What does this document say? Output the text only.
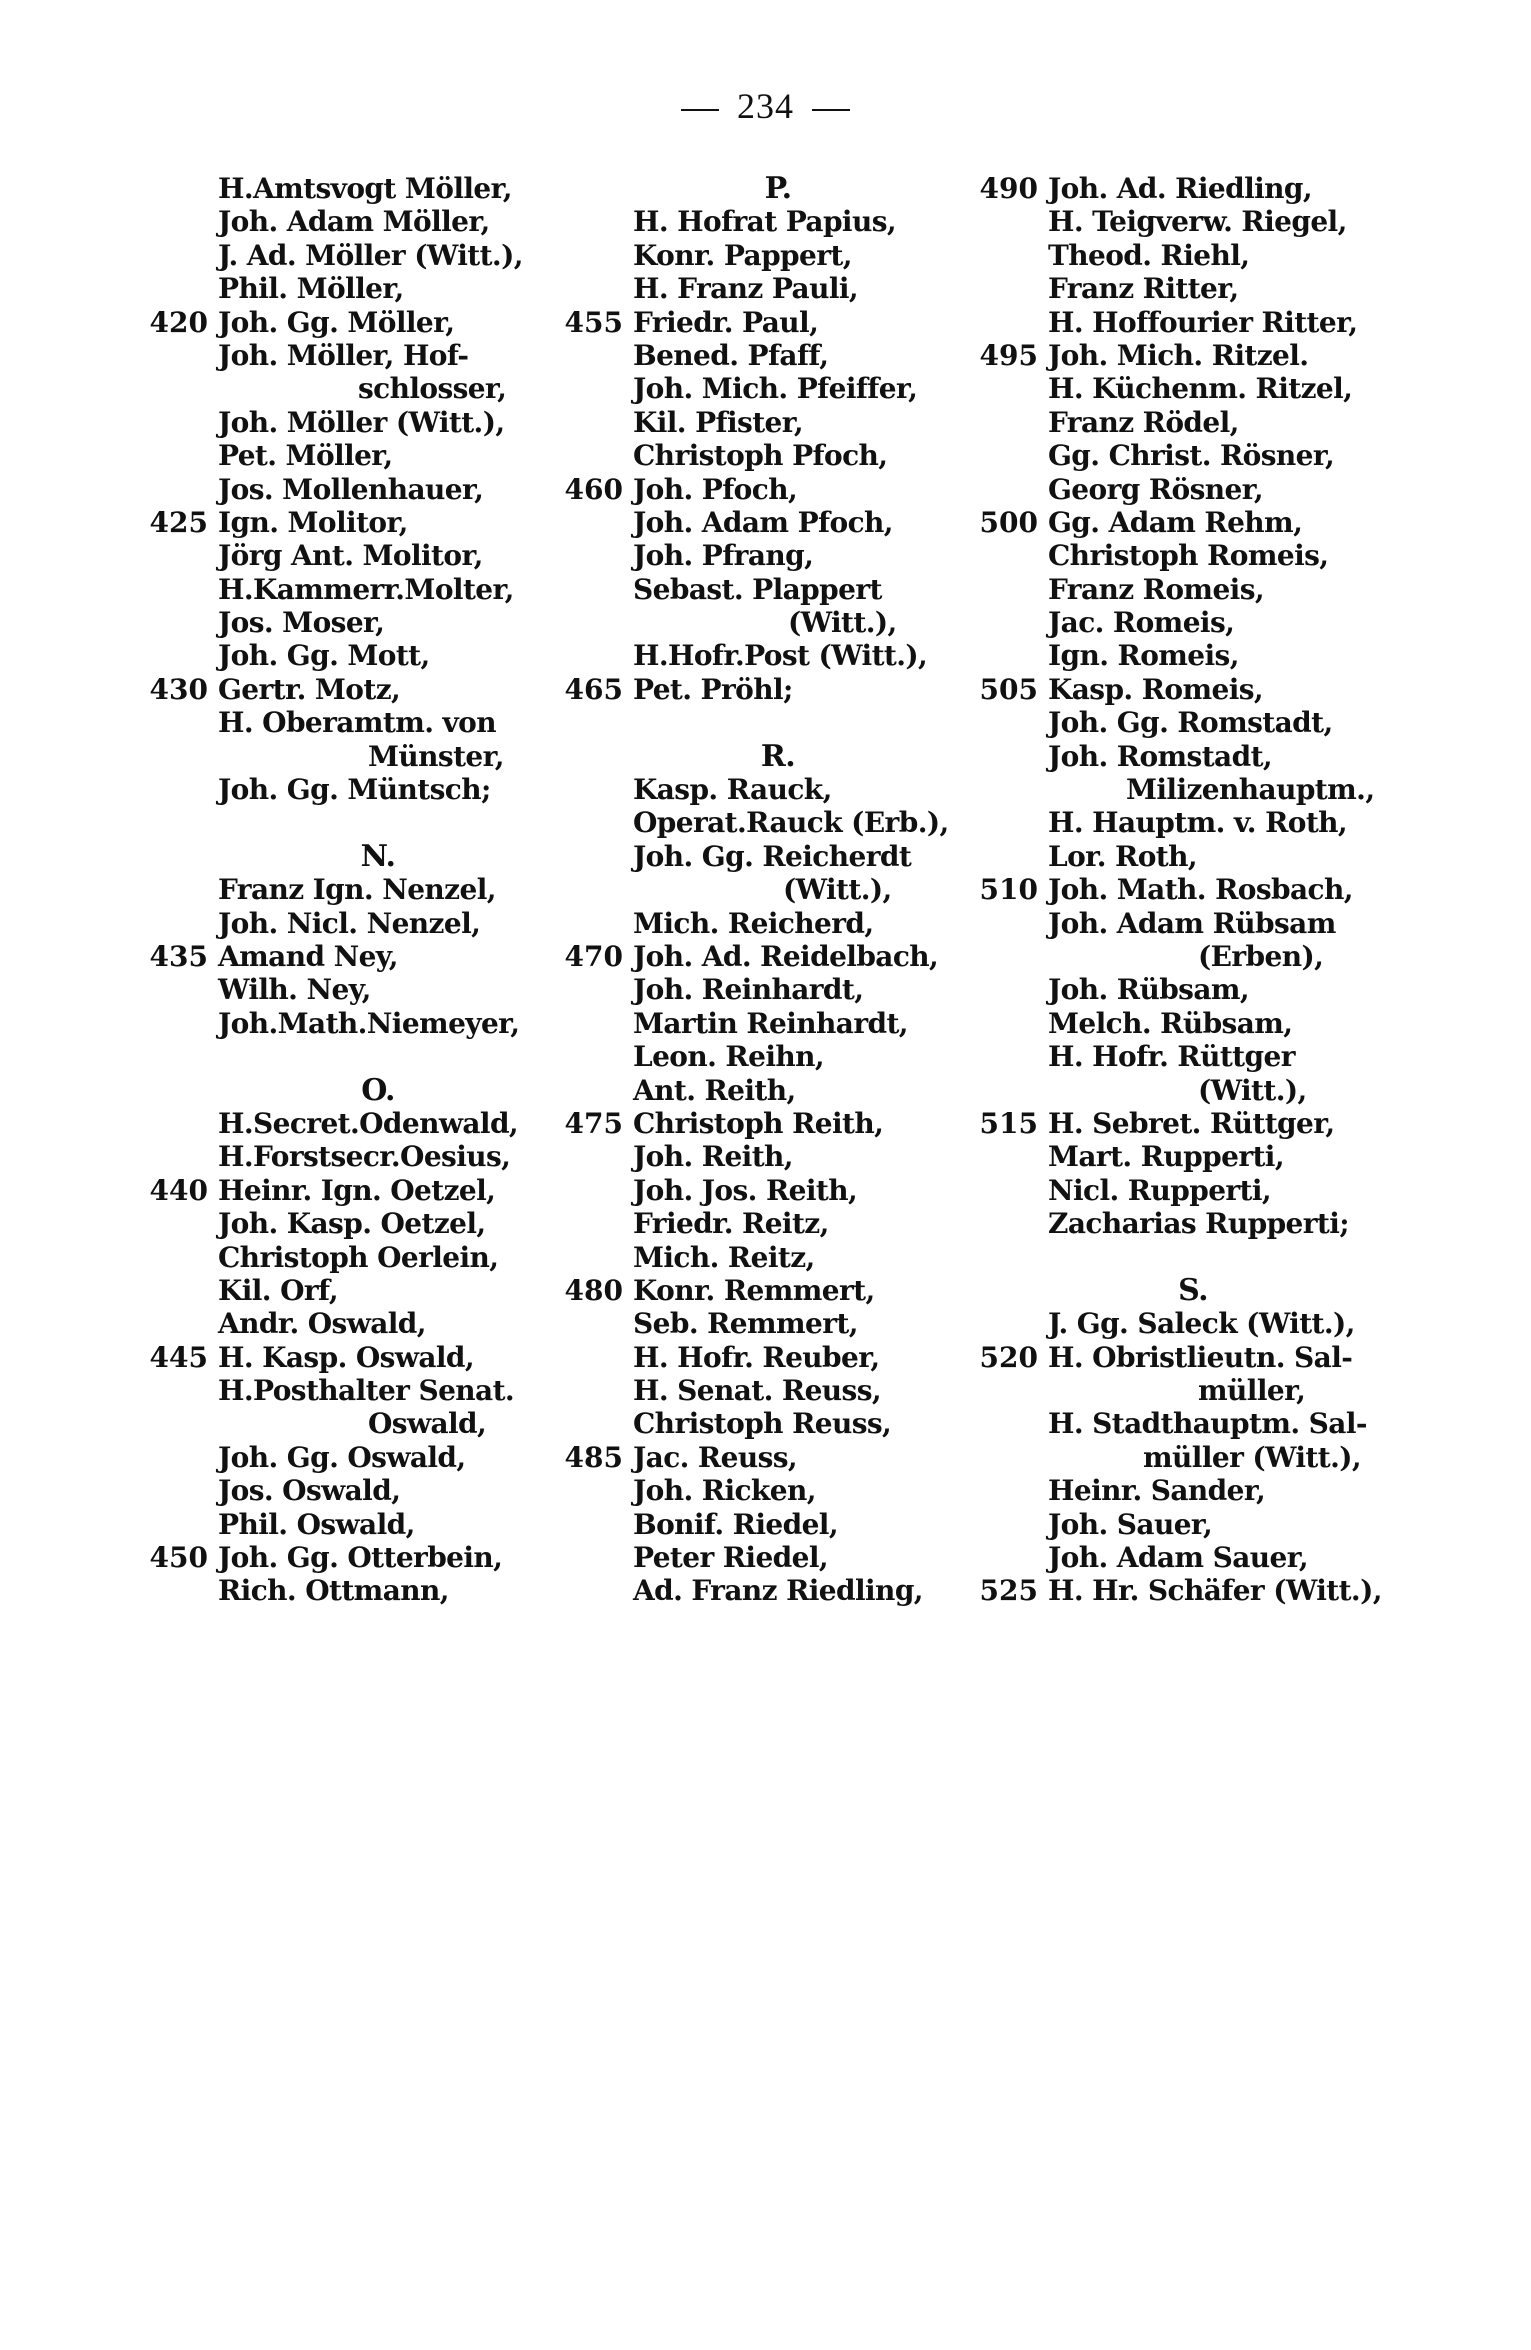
234
H.Amtsvogt Möller,
Joh. Adam Möller,
J. Ad. Möller (Witt.),
Phil. Möller,
420 Joh. Gg. Möller,
Joh. Möller, Hof-
schlosser,
Joh. Möller (Witt.),
Pet. Möller,
Jos. Mollenhauer,
425 Ign. Molitor,
Jörg Ant. Molitor,
H.Kammerr.Molter,
Jos. Moser,
Joh. Gg. Mott,
430 Gertr. Motz,
H. Oberamtm. von
Münster,
Joh. Gg. Müntsch;
N.
Franz Ign. Nenzel,
Joh. Nicl. Nenzel,
435 Amand Ney,
Wilh. Ney,
Joh.Math.Niemeyer,
O.
H.Secret.Odenwald,
H.Forstsecr.Oesius,
440 Heinr. Ign. Oetzel,
Joh. Kasp. Oetzel,
Christoph Oerlein,
Kil. Orf,
Andr. Oswald,
445 H. Kasp. Oswald,
H.Posthalter Senat.
Oswald,
Joh. Gg. Oswald,
Jos. Oswald,
Phil. Oswald,
450 Joh. Gg. Otterbein,
Rich. Ottmann,
P.
H. Hofrat Papius,
Konr. Pappert,
H. Franz Pauli,
455 Friedr. Paul,
Bened. Pfaff,
Joh. Mich. Pfeiffer,
Kil. Pfister,
Christoph Pfoch,
460 Joh. Pfoch,
Joh. Adam Pfoch,
Joh. Pfrang,
Sebast. Plappert
(Witt.),
H.Hofr.Post (Witt.),
465 Pet. Pröhl;
R.
Kasp. Rauck,
Operat.Rauck (Erb.),
Joh. Gg. Reicherdt
(Witt.),
Mich. Reicherd,
470 Joh. Ad. Reidelbach,
Joh. Reinhardt,
Martin Reinhardt,
Leon. Reihn,
Ant. Reith,
475 Christoph Reith,
Joh. Reith,
Joh. Jos. Reith,
Friedr. Reitz,
Mich. Reitz,
480 Konr. Remmert,
Seb. Remmert,
H. Hofr. Reuber,
H. Senat. Reuss,
Christoph Reuss,
485 Jac. Reuss,
Joh. Ricken,
Bonif. Riedel,
Peter Riedel,
Ad. Franz Riedling,
490 Joh. Ad. Riedling,
H. Teigverw. Riegel,
Theod. Riehl,
Franz Ritter,
H. Hoffourier Ritter,
495 Joh. Mich. Ritzel.
H. Küchenm. Ritzel,
Franz Rödel,
Gg. Christ. Rösner,
Georg Rösner,
500 Gg. Adam Rehm,
Christoph Romeis,
Franz Romeis,
Jac. Romeis,
Ign. Romeis,
505 Kasp. Romeis,
Joh. Gg. Romstadt,
Joh. Romstadt,
Milizenhauptm.,
H. Hauptm. v. Roth,
Lor. Roth,
510 Joh. Math. Rosbach,
Joh. Adam Rübsam
(Erben),
Joh. Rübsam,
Melch. Rübsam,
H. Hofr. Rüttger
(Witt.),
515 H. Sebret. Rüttger,
Mart. Rupperti,
Nicl. Rupperti,
Zacharias Rupperti;
S.
J. Gg. Saleck (Witt.),
520 H. Obristlieutn. Sal-
müller,
H. Stadthauptm. Sal-
müller (Witt.),
Heinr. Sander,
Joh. Sauer,
Joh. Adam Sauer,
525 H. Hr. Schäfer (Witt.),
